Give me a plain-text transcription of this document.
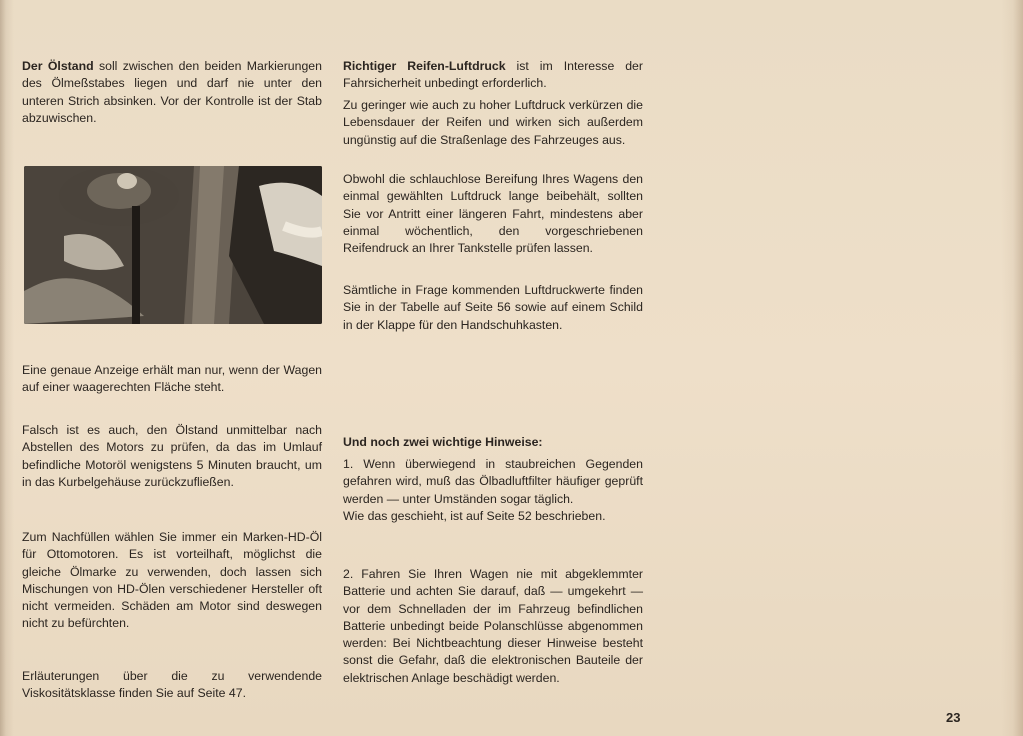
Der Ölstand soll zwischen den beiden Markierungen des Ölmeßstabes liegen und darf nie unter den unteren Strich absinken. Vor der Kontrolle ist der Stab abzuwischen.

Eine genaue Anzeige erhält man nur, wenn der Wagen auf einer waagerechten Fläche steht.

Falsch ist es auch, den Ölstand unmittelbar nach Abstellen des Motors zu prüfen, da das im Umlauf befindliche Motoröl wenigstens 5 Minuten braucht, um in das Kurbelgehäuse zurückzufließen.

Zum Nachfüllen wählen Sie immer ein Marken-HD-Öl für Ottomotoren. Es ist vorteilhaft, möglichst die gleiche Ölmarke zu verwenden, doch lassen sich Mischungen von HD-Ölen verschiedener Hersteller oft nicht vermeiden. Schäden am Motor sind deswegen nicht zu befürchten.

Erläuterungen über die zu verwendende Viskositätsklasse finden Sie auf Seite 47.

Richtiger Reifen-Luftdruck ist im Interesse der Fahrsicherheit unbedingt erforderlich.

Zu geringer wie auch zu hoher Luftdruck verkürzen die Lebensdauer der Reifen und wirken sich außerdem ungünstig auf die Straßenlage des Fahrzeuges aus.

Obwohl die schlauchlose Bereifung Ihres Wagens den einmal gewählten Luftdruck lange beibehält, sollten Sie vor Antritt einer längeren Fahrt, mindestens aber einmal wöchentlich, den vorgeschriebenen Reifendruck an Ihrer Tankstelle prüfen lassen.

Sämtliche in Frage kommenden Luftdruckwerte finden Sie in der Tabelle auf Seite 56 sowie auf einem Schild in der Klappe für den Handschuhkasten.

Und noch zwei wichtige Hinweise:

1. Wenn überwiegend in staubreichen Gegenden gefahren wird, muß das Ölbadluftfilter häufiger geprüft werden — unter Umständen sogar täglich.

Wie das geschieht, ist auf Seite 52 beschrieben.

2. Fahren Sie Ihren Wagen nie mit abgeklemmter Batterie und achten Sie darauf, daß — umgekehrt — vor dem Schnelladen der im Fahrzeug befindlichen Batterie unbedingt beide Polanschlüsse abgenommen werden: Bei Nichtbeachtung dieser Hinweise besteht sonst die Gefahr, daß die elektronischen Bauteile der elektrischen Anlage beschädigt werden.

23
